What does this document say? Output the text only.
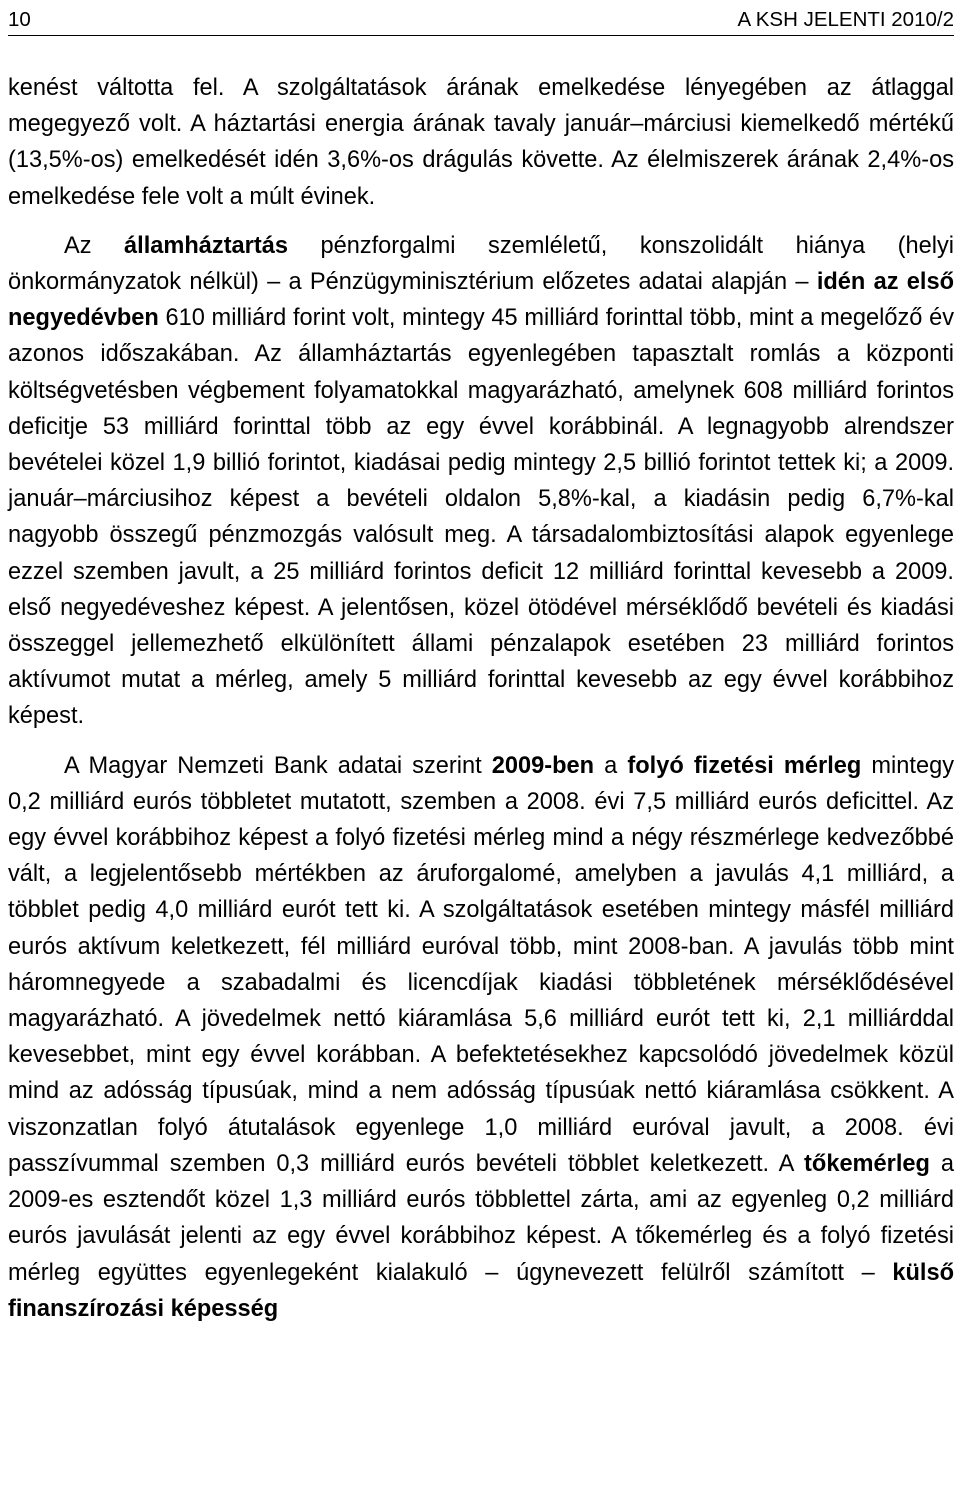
10	A KSH JELENTI 2010/2

kenést váltotta fel. A szolgáltatások árának emelkedése lényegében az átlaggal megegyező volt. A háztartási energia árának tavaly január–márciusi kiemelkedő mértékű (13,5%-os) emelkedését idén 3,6%-os drágulás követte. Az élelmiszerek árának 2,4%-os emelkedése fele volt a múlt évinek.

Az államháztartás pénzforgalmi szemléletű, konszolidált hiánya (helyi önkormányzatok nélkül) – a Pénzügyminisztérium előzetes adatai alapján – idén az első negyedévben 610 milliárd forint volt, mintegy 45 milliárd forinttal több, mint a megelőző év azonos időszakában. Az államháztartás egyenlegében tapasztalt romlás a központi költségvetésben végbement folyamatokkal magyarázható, amelynek 608 milliárd forintos deficitje 53 milliárd forinttal több az egy évvel korábbinál. A legnagyobb alrendszer bevételei közel 1,9 billió forintot, kiadásai pedig mintegy 2,5 billió forintot tettek ki; a 2009. január–márciusihoz képest a bevételi oldalon 5,8%-kal, a kiadásin pedig 6,7%-kal nagyobb összegű pénzmozgás valósult meg. A társadalombiztosítási alapok egyenlege ezzel szemben javult, a 25 milliárd forintos deficit 12 milliárd forinttal kevesebb a 2009. első negyedéveshez képest. A jelentősen, közel ötödével mérséklődő bevételi és kiadási összeggel jellemezhető elkülönített állami pénzalapok esetében 23 milliárd forintos aktívumot mutat a mérleg, amely 5 milliárd forinttal kevesebb az egy évvel korábbihoz képest.

A Magyar Nemzeti Bank adatai szerint 2009-ben a folyó fizetési mérleg mintegy 0,2 milliárd eurós többletet mutatott, szemben a 2008. évi 7,5 milliárd eurós deficittel. Az egy évvel korábbihoz képest a folyó fizetési mérleg mind a négy részmérlege kedvezőbbé vált, a legjelentősebb mértékben az áruforgalomé, amelyben a javulás 4,1 milliárd, a többlet pedig 4,0 milliárd eurót tett ki. A szolgáltatások esetében mintegy másfél milliárd eurós aktívum keletkezett, fél milliárd euróval több, mint 2008-ban. A javulás több mint háromnegyede a szabadalmi és licencdíjak kiadási többletének mérséklődésével magyarázható. A jövedelmek nettó kiáramlása 5,6 milliárd eurót tett ki, 2,1 milliárddal kevesebbet, mint egy évvel korábban. A befektetésekhez kapcsolódó jövedelmek közül mind az adósság típusúak, mind a nem adósság típusúak nettó kiáramlása csökkent. A viszonzatlan folyó átutalások egyenlege 1,0 milliárd euróval javult, a 2008. évi passzívummal szemben 0,3 milliárd eurós bevételi többlet keletkezett. A tőkemérleg a 2009-es esztendőt közel 1,3 milliárd eurós többlettel zárta, ami az egyenleg 0,2 milliárd eurós javulását jelenti az egy évvel korábbihoz képest. A tőkemérleg és a folyó fizetési mérleg együttes egyenlegeként kialakuló – úgynevezett felülről számított – külső finanszírozási képesség
